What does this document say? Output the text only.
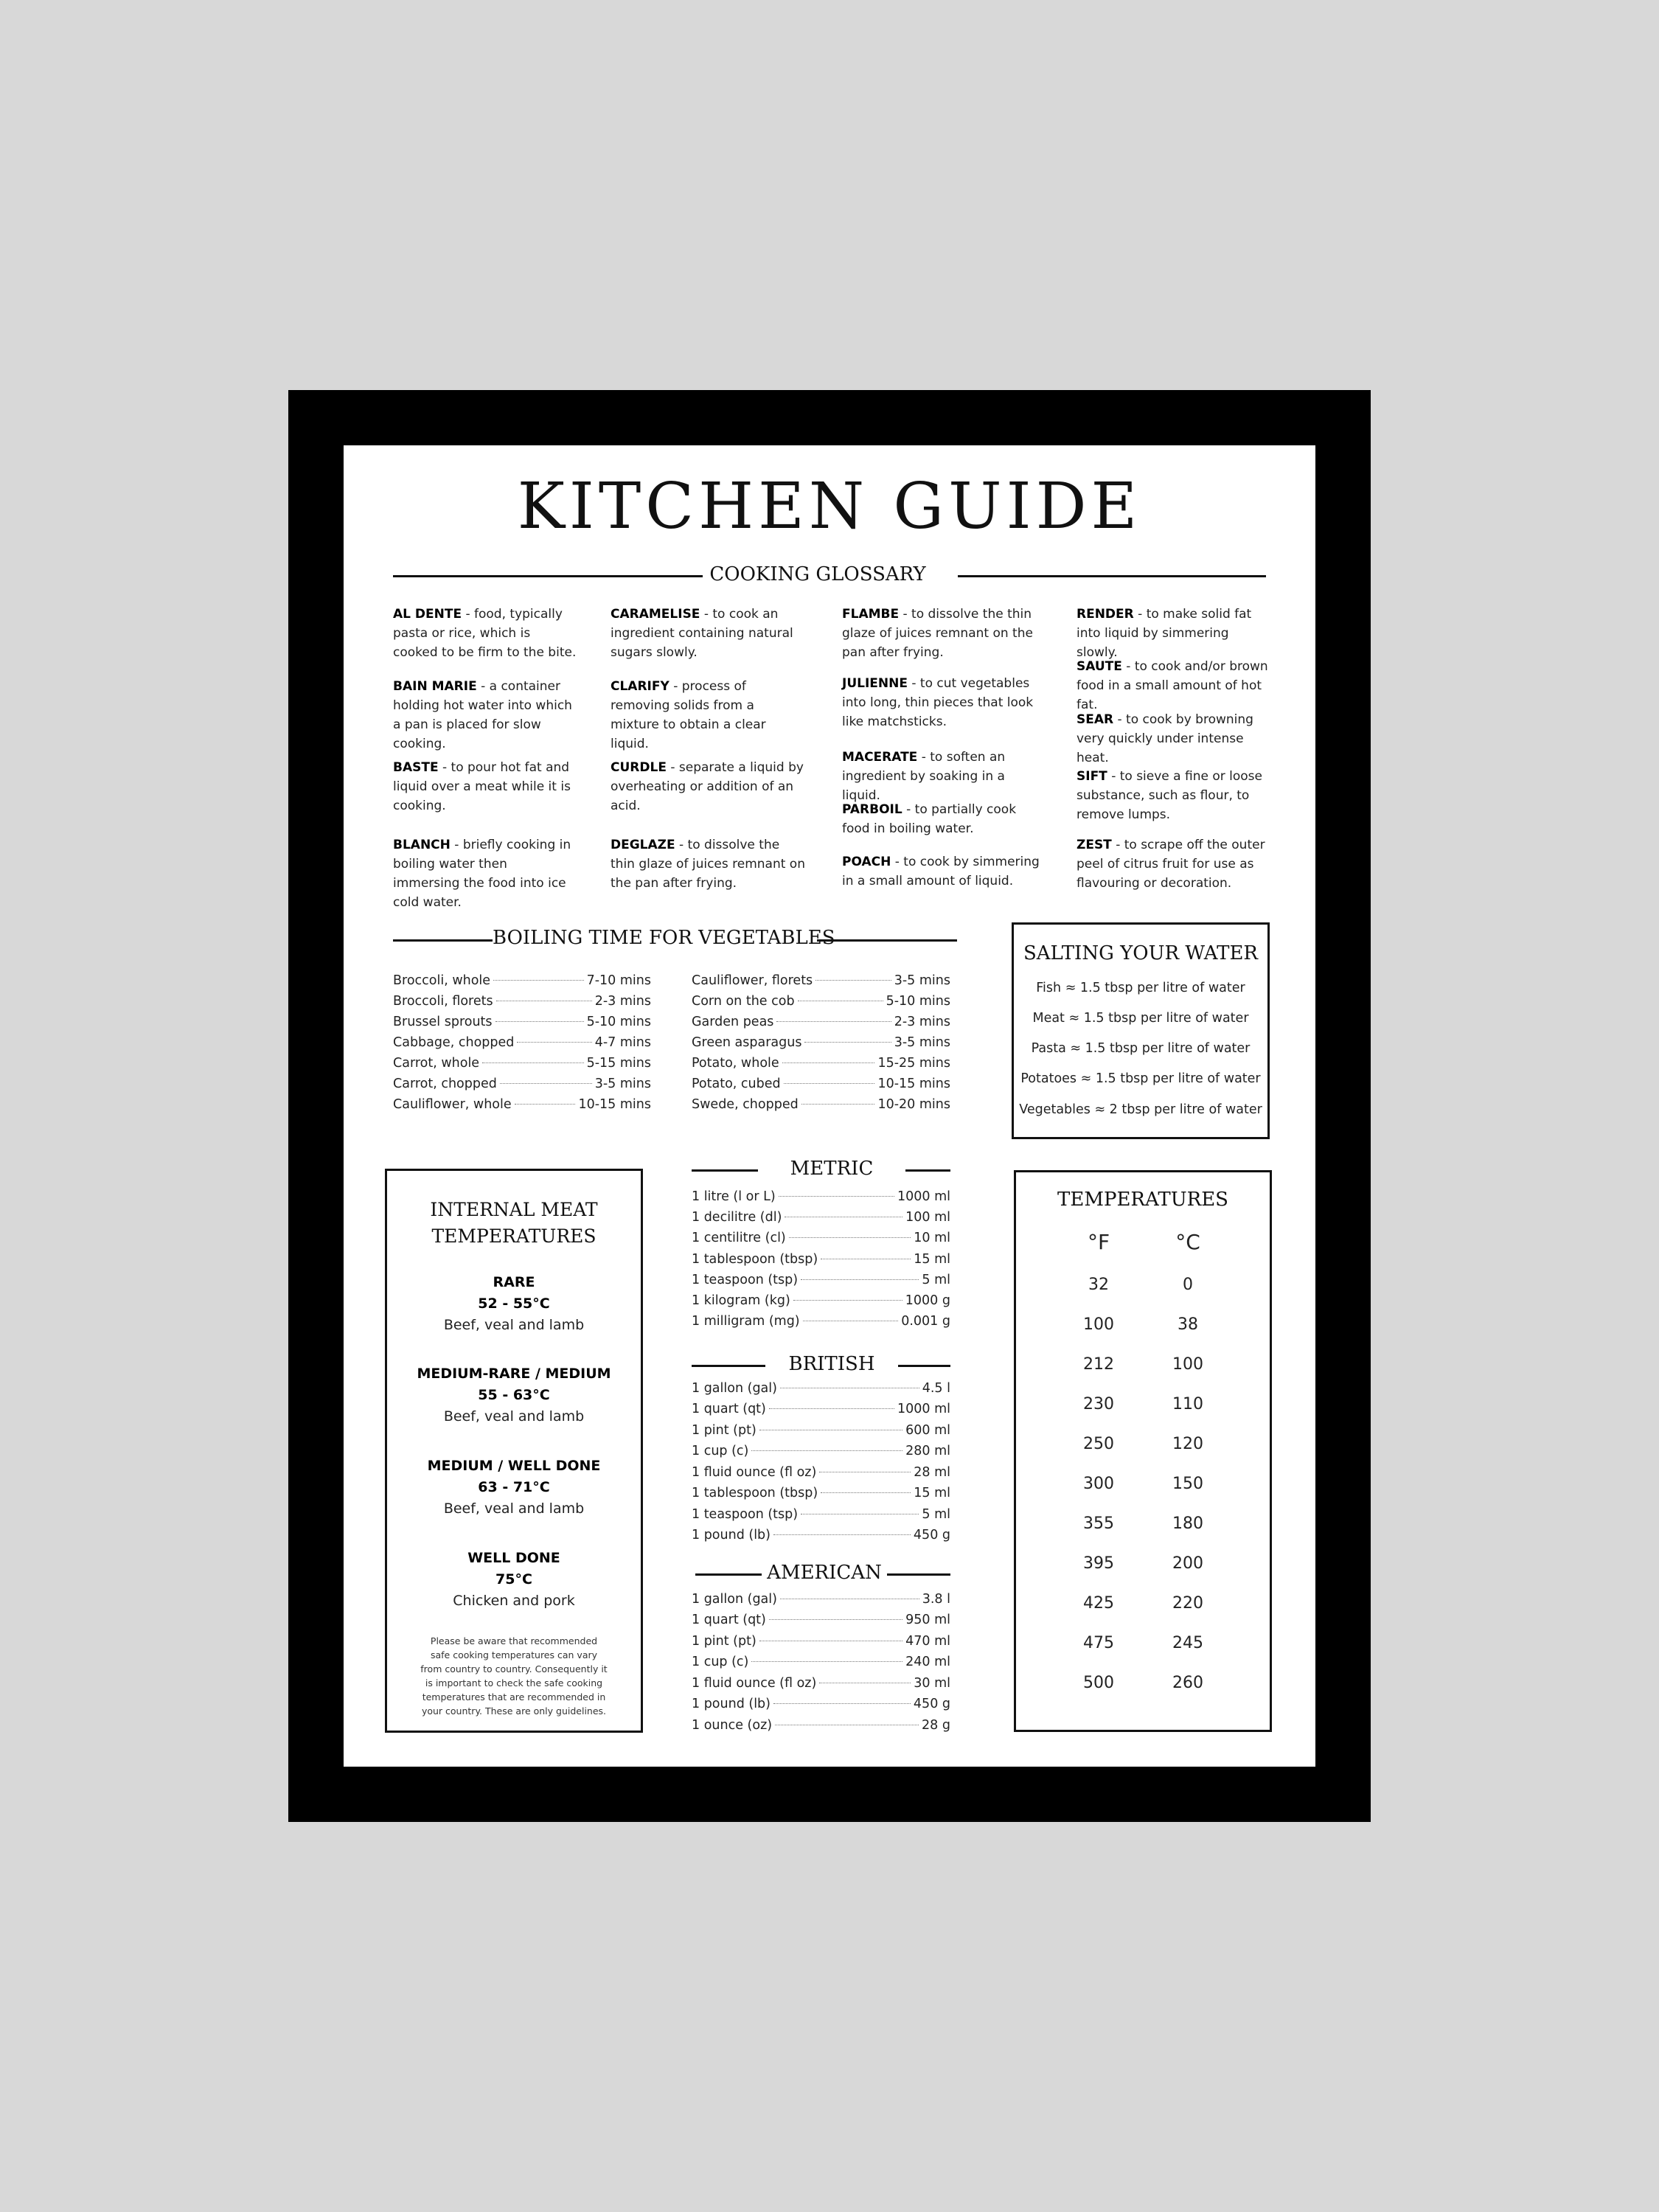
KITCHEN GUIDE
COOKING GLOSSARY
AL DENTE - food, typically pasta or rice, which is cooked to be firm to the bite.
BAIN MARIE - a container holding hot water into which a pan is placed for slow cooking.
BASTE - to pour hot fat and liquid over a meat while it is cooking.
BLANCH - briefly cooking in boiling water then immersing the food into ice cold water.
CARAMELISE - to cook an ingredient containing natural sugars slowly.
CLARIFY - process of removing solids from a mixture to obtain a clear liquid.
CURDLE - separate a liquid by overheating or addition of an acid.
DEGLAZE - to dissolve the thin glaze of juices remnant on the pan after frying.
FLAMBE - to dissolve the thin glaze of juices remnant on the pan after frying.
JULIENNE - to cut vegetables into long, thin pieces that look like matchsticks.
MACERATE - to soften an ingredient by soaking in a liquid.
PARBOIL - to partially cook food in boiling water.
POACH - to cook by simmering in a small amount of liquid.
RENDER - to make solid fat into liquid by simmering slowly.
SAUTE - to cook and/or brown food in a small amount of hot fat.
SEAR - to cook by browning very quickly under intense heat.
SIFT - to sieve a fine or loose substance, such as flour, to remove lumps.
ZEST - to scrape off the outer peel of citrus fruit for use as flavouring or decoration.
BOILING TIME FOR VEGETABLES
Broccoli, whole	7-10 mins
Broccoli, florets	2-3 mins
Brussel sprouts	5-10 mins
Cabbage, chopped	4-7 mins
Carrot, whole	5-15 mins
Carrot, chopped	3-5 mins
Cauliflower, whole	10-15 mins
Cauliflower, florets	3-5 mins
Corn on the cob	5-10 mins
Garden peas	2-3 mins
Green asparagus	3-5 mins
Potato, whole	15-25 mins
Potato, cubed	10-15 mins
Swede, chopped	10-20 mins
SALTING YOUR WATER
Fish ≈ 1.5 tbsp per litre of water
Meat ≈ 1.5 tbsp per litre of water
Pasta ≈ 1.5 tbsp per litre of water
Potatoes ≈ 1.5 tbsp per litre of water
Vegetables ≈ 2 tbsp per litre of water
INTERNAL MEAT
TEMPERATURES
RARE
52 - 55°C
Beef, veal and lamb
MEDIUM-RARE / MEDIUM
55 - 63°C
Beef, veal and lamb
MEDIUM / WELL DONE
63 - 71°C
Beef, veal and lamb
WELL DONE
75°C
Chicken and pork
Please be aware that recommended safe cooking temperatures can vary from country to country. Consequently it is important to check the safe cooking temperatures that are recommended in your country. These are only guidelines.
METRIC
1 litre (l or L)	1000 ml
1 decilitre (dl)	100 ml
1 centilitre (cl)	10 ml
1 tablespoon (tbsp)	15 ml
1 teaspoon (tsp)	5 ml
1 kilogram (kg)	1000 g
1 milligram (mg)	0.001 g
BRITISH
1 gallon (gal)	4.5 l
1 quart (qt)	1000 ml
1 pint (pt)	600 ml
1 cup (c)	280 ml
1 fluid ounce (fl oz)	28 ml
1 tablespoon (tbsp)	15 ml
1 teaspoon (tsp)	5 ml
1 pound (lb)	450 g
AMERICAN
1 gallon (gal)	3.8 l
1 quart (qt)	950 ml
1 pint (pt)	470 ml
1 cup (c)	240 ml
1 fluid ounce (fl oz)	30 ml
1 pound (lb)	450 g
1 ounce (oz)	28 g
TEMPERATURES
°F	°C
32	0
100	38
212	100
230	110
250	120
300	150
355	180
395	200
425	220
475	245
500	260
